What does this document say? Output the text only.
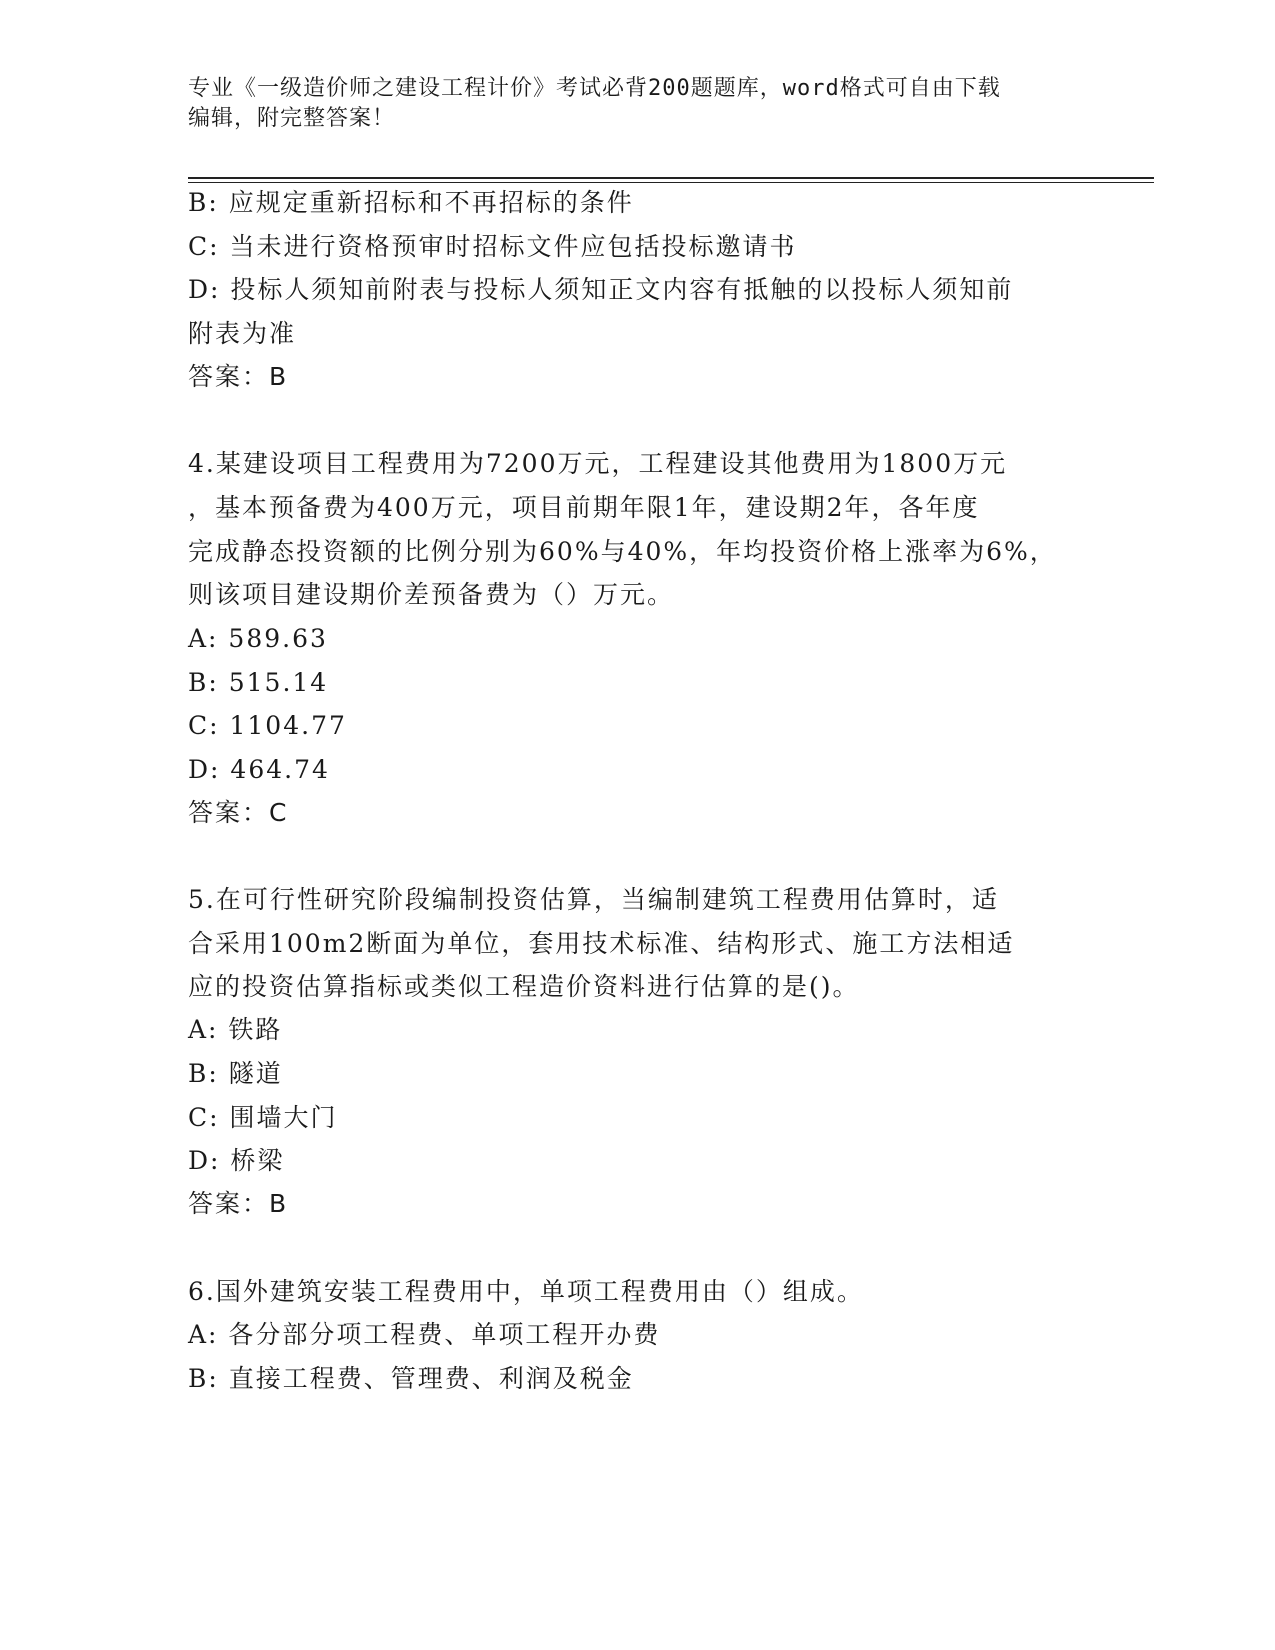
专业《一级造价师之建设工程计价》考试必背200题题库，word格式可自由下载
编辑，附完整答案！
B: 应规定重新招标和不再招标的条件
C: 当未进行资格预审时招标文件应包括投标邀请书
D: 投标人须知前附表与投标人须知正文内容有抵触的以投标人须知前
附表为准
答案：B
4.某建设项目工程费用为7200万元，工程建设其他费用为1800万元
，基本预备费为400万元，项目前期年限1年，建设期2年，各年度
完成静态投资额的比例分别为60%与40%，年均投资价格上涨率为6%，
则该项目建设期价差预备费为（）万元。
A: 589.63
B: 515.14
C: 1104.77
D: 464.74
答案：C
5.在可行性研究阶段编制投资估算，当编制建筑工程费用估算时，适
合采用100m2断面为单位，套用技术标准、结构形式、施工方法相适
应的投资估算指标或类似工程造价资料进行估算的是()。
A: 铁路
B: 隧道
C: 围墙大门
D: 桥梁
答案：B
6.国外建筑安装工程费用中，单项工程费用由（）组成。
A: 各分部分项工程费、单项工程开办费
B: 直接工程费、管理费、利润及税金
